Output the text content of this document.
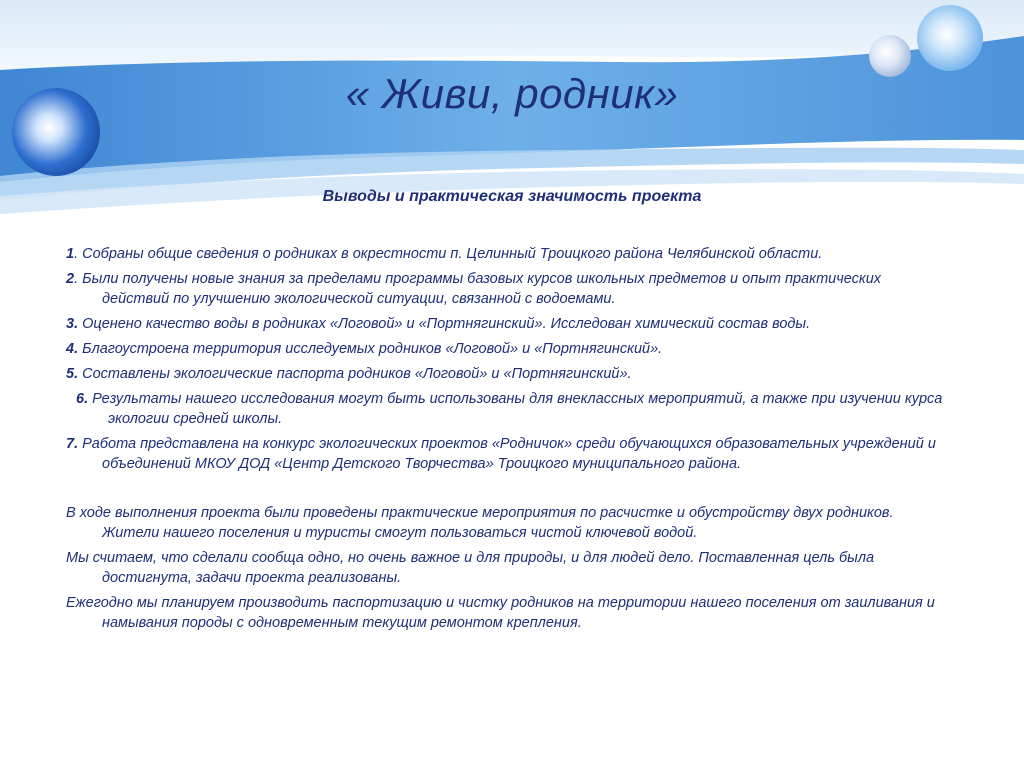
« Живи, родник»
Выводы и практическая значимость проекта
1. Собраны общие сведения о родниках в окрестности п. Целинный Троицкого района Челябинской области.
2. Были получены новые знания за пределами программы базовых курсов школьных предметов и опыт практических действий по улучшению экологической ситуации, связанной с водоемами.
3. Оценено качество воды в родниках «Логовой» и «Портнягинский». Исследован химический состав воды.
4. Благоустроена территория исследуемых родников «Логовой» и «Портнягинский».
5. Составлены экологические паспорта родников «Логовой» и «Портнягинский».
6. Результаты нашего исследования могут быть использованы для внеклассных мероприятий, а также при изучении курса экологии средней школы.
7. Работа представлена на конкурс экологических проектов «Родничок» среди обучающихся образовательных учреждений и объединений МКОУ ДОД «Центр Детского Творчества» Троицкого муниципального района.
В ходе выполнения проекта были проведены практические мероприятия по расчистке и обустройству двух родников. Жители нашего поселения и туристы смогут пользоваться чистой ключевой водой.
Мы считаем, что сделали сообща одно, но очень важное и для природы, и для людей дело. Поставленная цель была достигнута, задачи проекта реализованы.
Ежегодно мы планируем производить паспортизацию и чистку родников на территории нашего поселения от заиливания и намывания породы с одновременным текущим ремонтом крепления.
